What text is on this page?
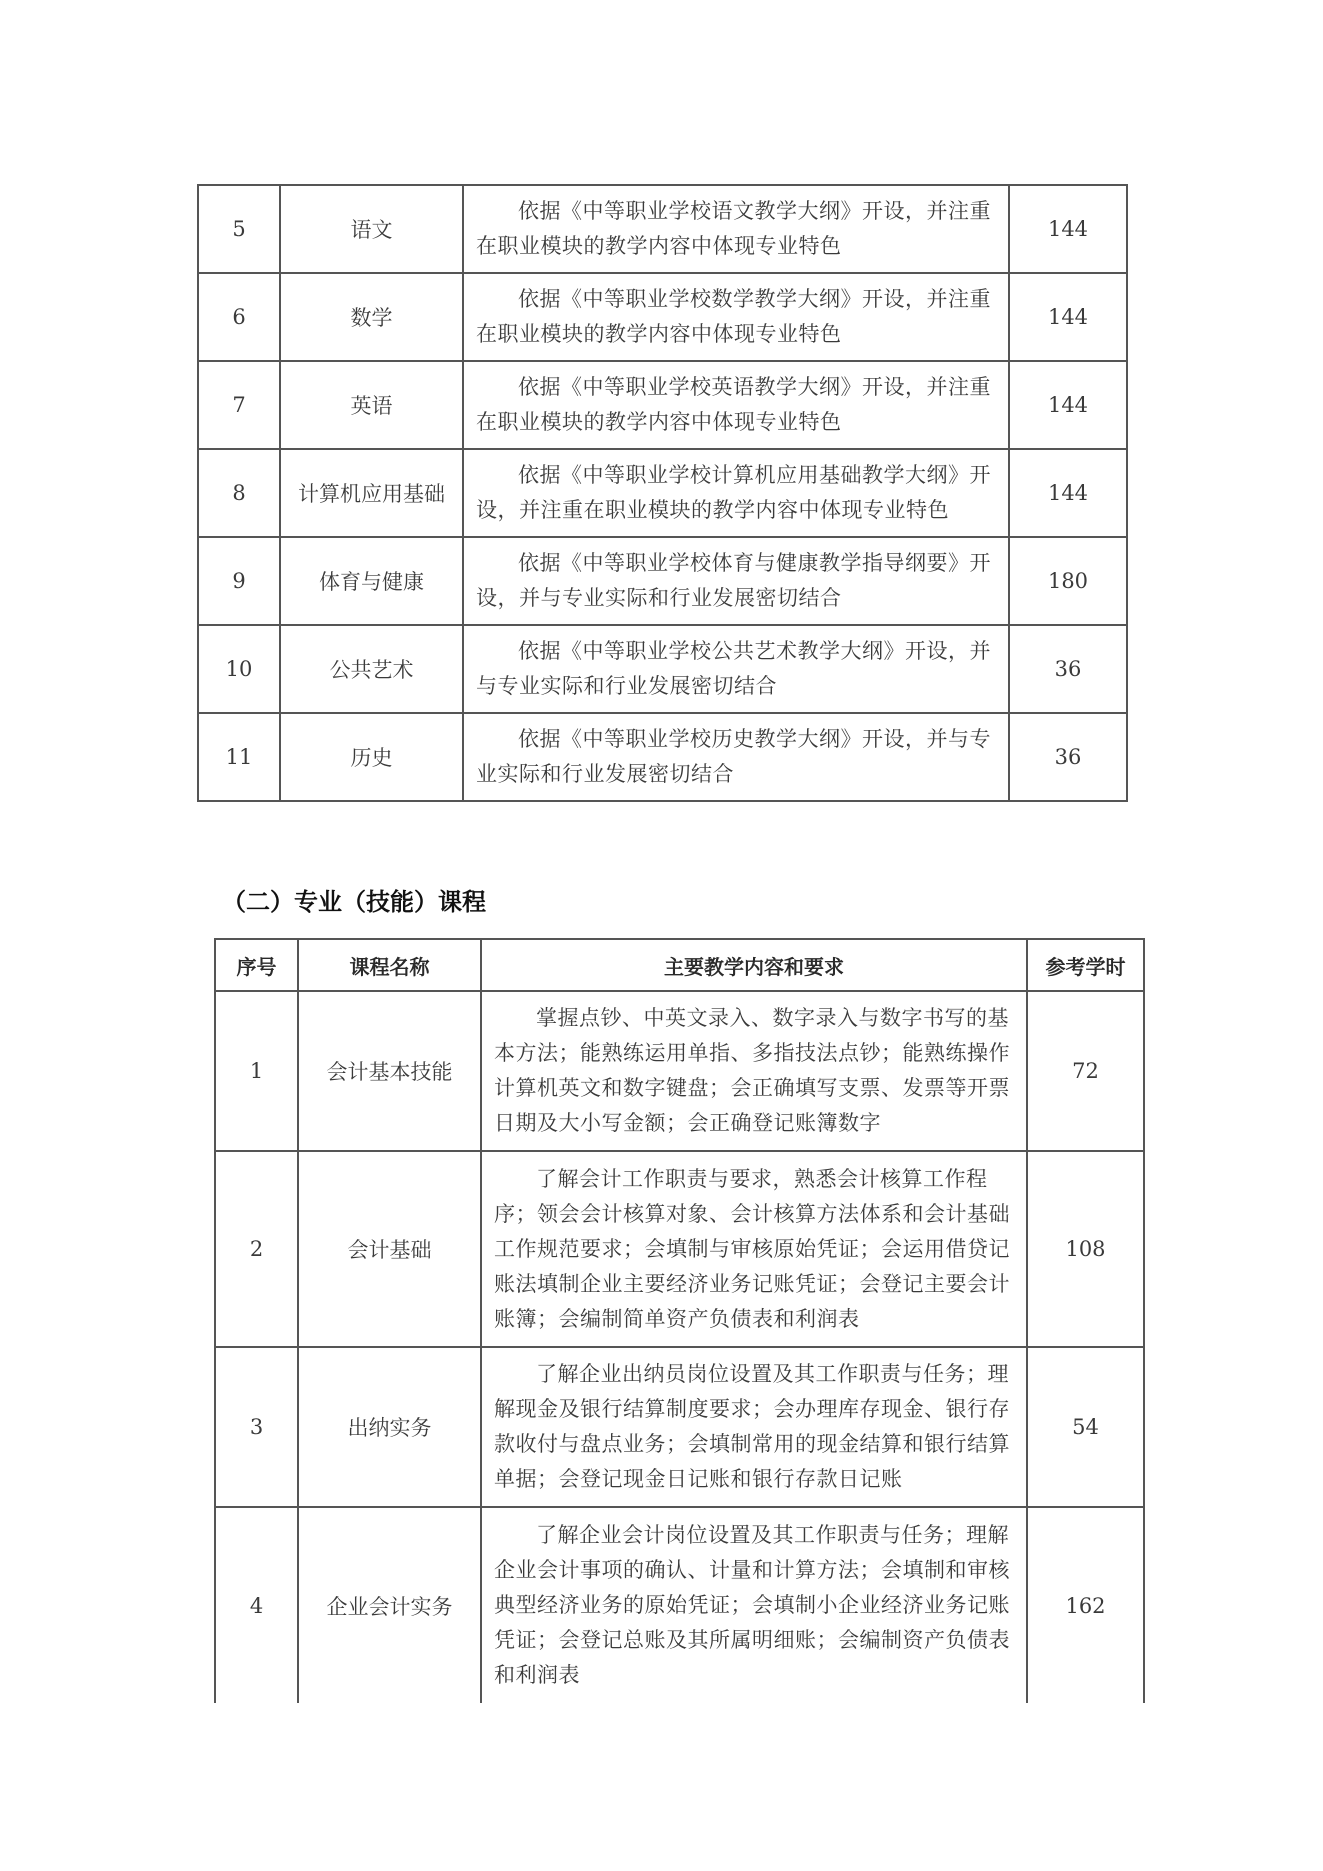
5	语文	依据《中等职业学校语文教学大纲》开设，并注重在职业模块的教学内容中体现专业特色	144
6	数学	依据《中等职业学校数学教学大纲》开设，并注重在职业模块的教学内容中体现专业特色	144
7	英语	依据《中等职业学校英语教学大纲》开设，并注重在职业模块的教学内容中体现专业特色	144
8	计算机应用基础	依据《中等职业学校计算机应用基础教学大纲》开设，并注重在职业模块的教学内容中体现专业特色	144
9	体育与健康	依据《中等职业学校体育与健康教学指导纲要》开设，并与专业实际和行业发展密切结合	180
10	公共艺术	依据《中等职业学校公共艺术教学大纲》开设，并与专业实际和行业发展密切结合	36
11	历史	依据《中等职业学校历史教学大纲》开设，并与专业实际和行业发展密切结合	36
（二）专业（技能）课程
序号	课程名称	主要教学内容和要求	参考学时
1	会计基本技能	掌握点钞、中英文录入、数字录入与数字书写的基本方法；能熟练运用单指、多指技法点钞；能熟练操作计算机英文和数字键盘；会正确填写支票、发票等开票日期及大小写金额；会正确登记账簿数字	72
2	会计基础	了解会计工作职责与要求，熟悉会计核算工作程序；领会会计核算对象、会计核算方法体系和会计基础工作规范要求；会填制与审核原始凭证；会运用借贷记账法填制企业主要经济业务记账凭证；会登记主要会计账簿；会编制简单资产负债表和利润表	108
3	出纳实务	了解企业出纳员岗位设置及其工作职责与任务；理解现金及银行结算制度要求；会办理库存现金、银行存款收付与盘点业务；会填制常用的现金结算和银行结算单据；会登记现金日记账和银行存款日记账	54
4	企业会计实务	了解企业会计岗位设置及其工作职责与任务；理解企业会计事项的确认、计量和计算方法；会填制和审核典型经济业务的原始凭证；会填制小企业经济业务记账凭证；会登记总账及其所属明细账；会编制资产负债表和利润表	162
